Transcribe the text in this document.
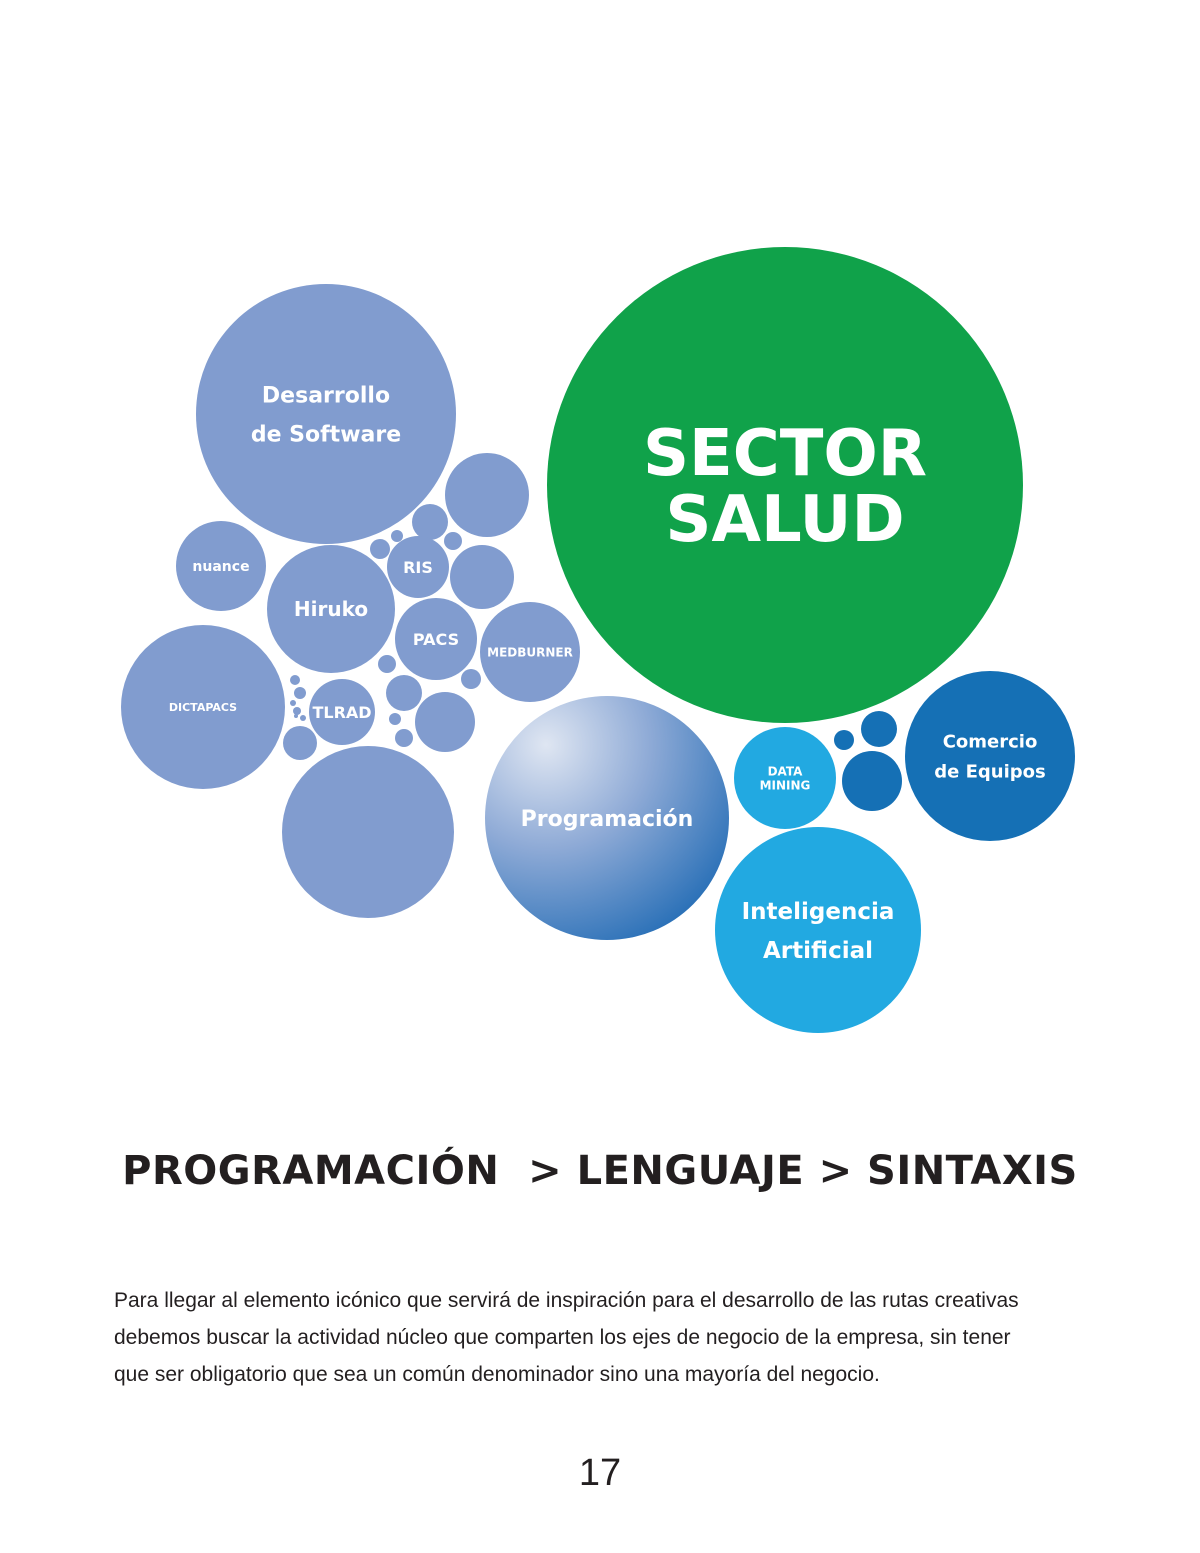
SECTOR
SALUD
Desarrollo
de Software
nuance
Hiruko
RIS
PACS
MEDBURNER
DICTAPACS	TLRAD
Programación
DATA
MINING
Comercio
de Equipos
Inteligencia
Artificial
PROGRAMACIÓN  > LENGUAJE > SINTAXIS

Para llegar al elemento icónico que servirá de inspiración para el desarrollo de las rutas creativas
debemos buscar la actividad núcleo que comparten los ejes de negocio de la empresa, sin tener
que ser obligatorio que sea un común denominador sino una mayoría del negocio.

17
